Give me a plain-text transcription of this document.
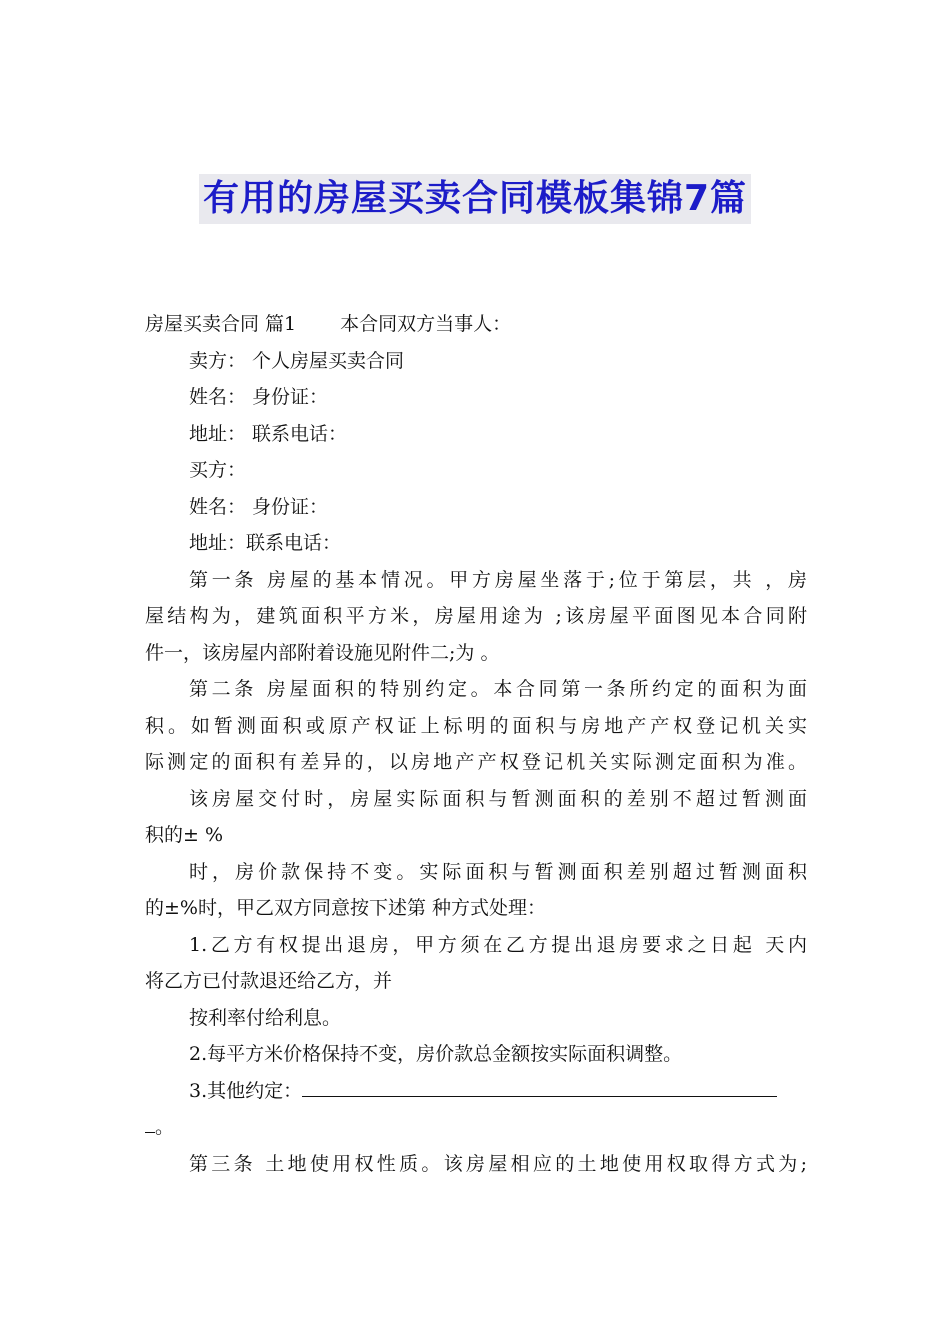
有用的房屋买卖合同模板集锦7篇
房屋买卖合同 篇1 本合同双方当事人：
卖方： 个人房屋买卖合同
姓名： 身份证：
地址： 联系电话：
买方：
姓名： 身份证：
地址：联系电话：
第一条 房屋的基本情况。甲方房屋坐落于;位于第层，共 ，房
屋结构为，建筑面积平方米，房屋用途为 ;该房屋平面图见本合同附
件一，该房屋内部附着设施见附件二;为 。
第二条 房屋面积的特别约定。本合同第一条所约定的面积为面
积。如暂测面积或原产权证上标明的面积与房地产产权登记机关实
际测定的面积有差异的，以房地产产权登记机关实际测定面积为准。
该房屋交付时，房屋实际面积与暂测面积的差别不超过暂测面
积的± %
时，房价款保持不变。实际面积与暂测面积差别超过暂测面积
的±%时，甲乙双方同意按下述第 种方式处理：
1.乙方有权提出退房，甲方须在乙方提出退房要求之日起 天内
将乙方已付款退还给乙方，并
按利率付给利息。
2.每平方米价格保持不变，房价款总金额按实际面积调整。
3.其他约定：
。
第三条 土地使用权性质。该房屋相应的土地使用权取得方式为;
